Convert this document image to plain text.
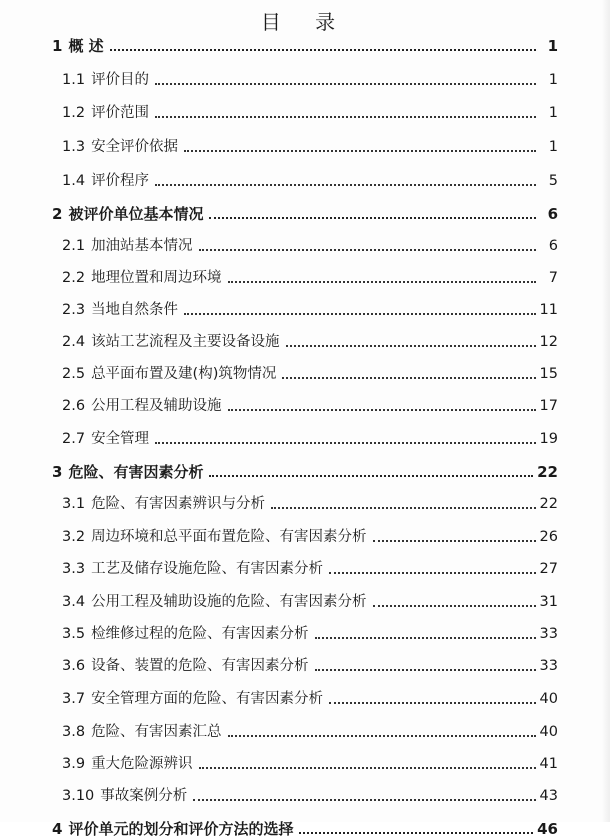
目 录
1 概 述	1
1.1 评价目的	1
1.2 评价范围	1
1.3 安全评价依据	1
1.4 评价程序	5
2 被评价单位基本情况	6
2.1 加油站基本情况	6
2.2 地理位置和周边环境	7
2.3 当地自然条件	11
2.4 该站工艺流程及主要设备设施	12
2.5 总平面布置及建(构)筑物情况	15
2.6 公用工程及辅助设施	17
2.7 安全管理	19
3 危险、有害因素分析	22
3.1 危险、有害因素辨识与分析	22
3.2 周边环境和总平面布置危险、有害因素分析	26
3.3 工艺及储存设施危险、有害因素分析	27
3.4 公用工程及辅助设施的危险、有害因素分析	31
3.5 检维修过程的危险、有害因素分析	33
3.6 设备、装置的危险、有害因素分析	33
3.7 安全管理方面的危险、有害因素分析	40
3.8 危险、有害因素汇总	40
3.9 重大危险源辨识	41
3.10 事故案例分析	43
4 评价单元的划分和评价方法的选择	46
